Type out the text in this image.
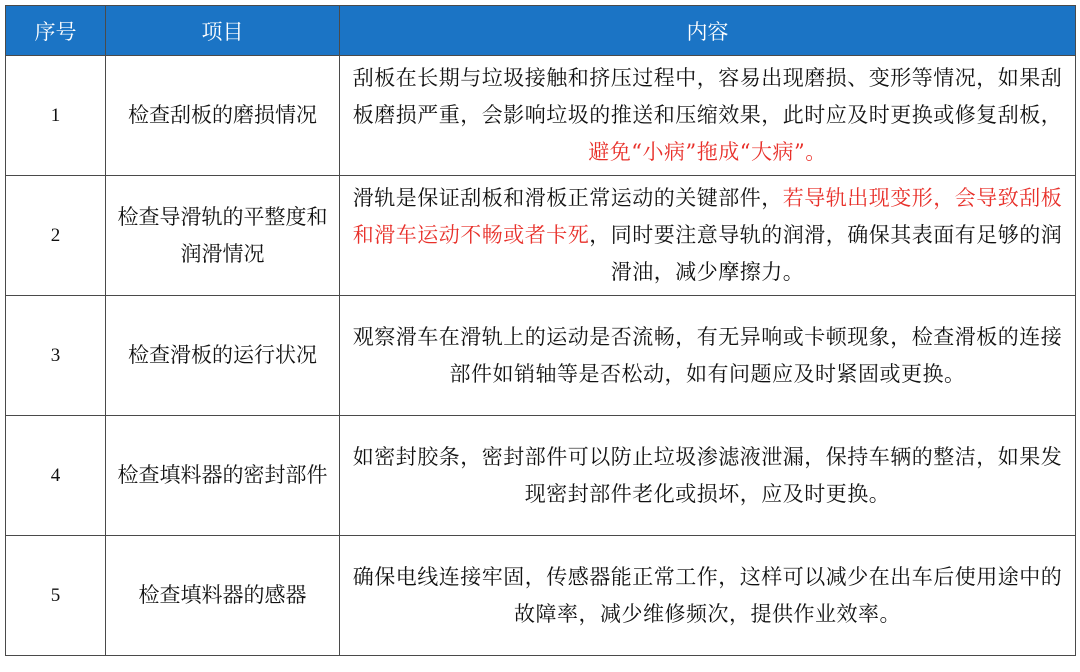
序号	项目	内容
1	检查刮板的磨损情况	刮板在长期与垃圾接触和挤压过程中，容易出现磨损、变形等情况，如果刮板磨损严重，会影响垃圾的推送和压缩效果，此时应及时更换或修复刮板，避免“小病”拖成“大病”。
2	检查导滑轨的平整度和润滑情况	滑轨是保证刮板和滑板正常运动的关键部件，若导轨出现变形，会导致刮板和滑车运动不畅或者卡死，同时要注意导轨的润滑，确保其表面有足够的润滑油，减少摩擦力。
3	检查滑板的运行状况	观察滑车在滑轨上的运动是否流畅，有无异响或卡顿现象，检查滑板的连接部件如销轴等是否松动，如有问题应及时紧固或更换。
4	检查填料器的密封部件	如密封胶条，密封部件可以防止垃圾渗滤液泄漏，保持车辆的整洁，如果发现密封部件老化或损坏，应及时更换。
5	检查填料器的感器	确保电线连接牢固，传感器能正常工作，这样可以减少在出车后使用途中的故障率，减少维修频次，提供作业效率。
